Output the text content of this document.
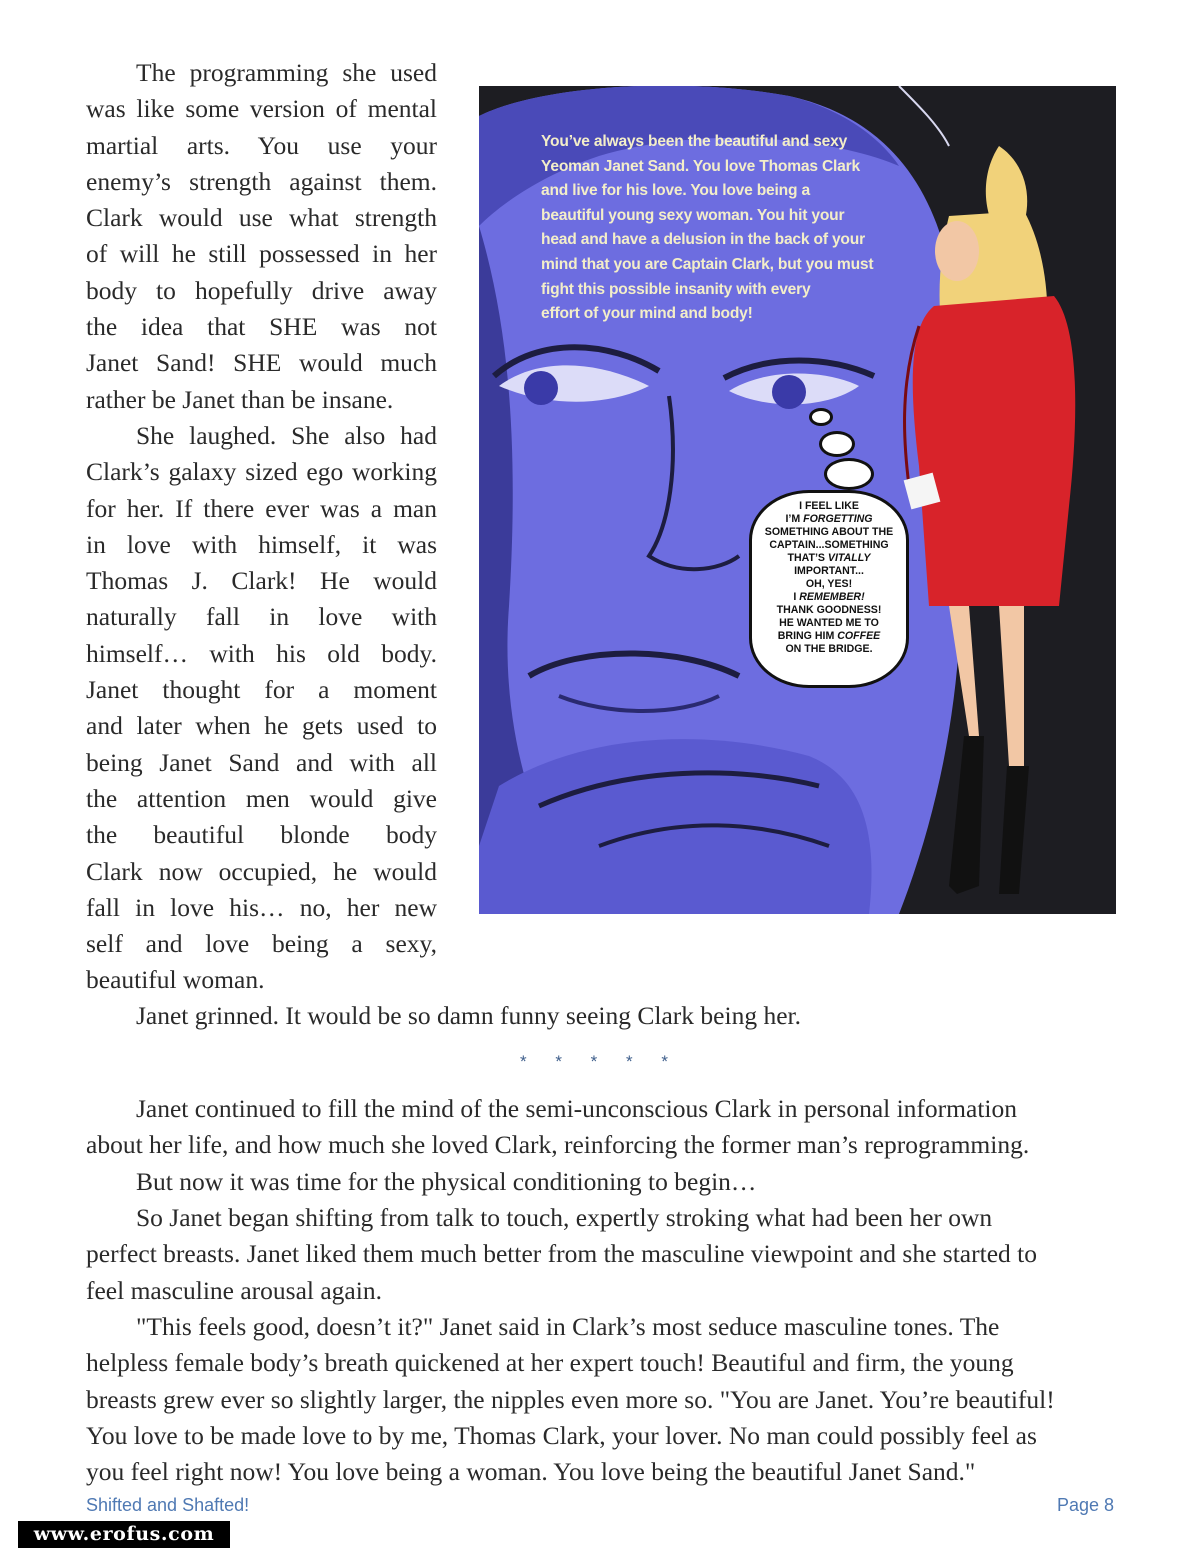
The programming she used
was like some version of mental
martial arts. You use your
enemy’s strength against them.
Clark would use what strength
of will he still possessed in her
body to hopefully drive away
the idea that SHE was not
Janet Sand! SHE would much
rather be Janet than be insane.
She laughed. She also had
Clark’s galaxy sized ego working
for her. If there ever was a man
in love with himself, it was
Thomas J. Clark! He would
naturally fall in love with
himself… with his old body.
Janet thought for a moment
and later when he gets used to
being Janet Sand and with all
the attention men would give
the beautiful blonde body
Clark now occupied, he would
fall in love his… no, her new
self and love being a sexy,
beautiful woman.
You’ve always been the beautiful and sexy
Yeoman Janet Sand. You love Thomas Clark
and live for his love. You love being a
beautiful young sexy woman. You hit your
head and have a delusion in the back of your
mind that you are Captain Clark, but you must
fight this possible insanity with every
effort of your mind and body!
I FEEL LIKE
I’M FORGETTING
SOMETHING ABOUT THE
CAPTAIN...SOMETHING
THAT’S VITALLY
IMPORTANT...
OH, YES!
I REMEMBER!
THANK GOODNESS!
HE WANTED ME TO
BRING HIM COFFEE
ON THE BRIDGE.
Janet grinned. It would be so damn funny seeing Clark being her.
* * * * *
Janet continued to fill the mind of the semi-unconscious Clark in personal information
about her life, and how much she loved Clark, reinforcing the former man’s reprogramming.
But now it was time for the physical conditioning to begin…
So Janet began shifting from talk to touch, expertly stroking what had been her own
perfect breasts. Janet liked them much better from the masculine viewpoint and she started to
feel masculine arousal again.
"This feels good, doesn’t it?" Janet said in Clark’s most seduce masculine tones. The
helpless female body’s breath quickened at her expert touch! Beautiful and firm, the young
breasts grew ever so slightly larger, the nipples even more so. "You are Janet. You’re beautiful!
You love to be made love to by me, Thomas Clark, your lover. No man could possibly feel as
you feel right now! You love being a woman. You love being the beautiful Janet Sand."
Shifted and Shafted!	Page 8
www.erofus.com
